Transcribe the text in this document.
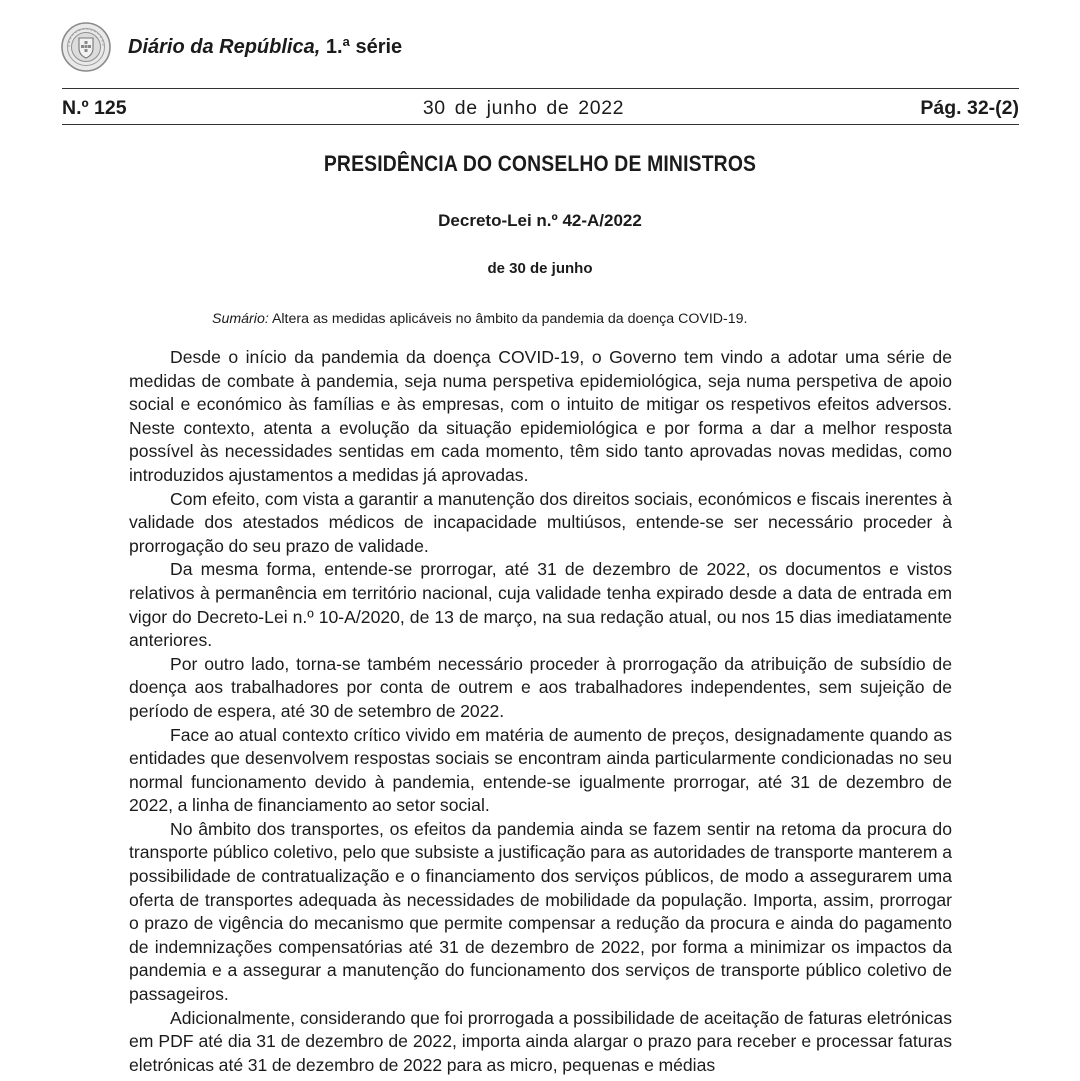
Diário da República, 1.ª série
N.º 125	30 de junho de 2022	Pág. 32-(2)
PRESIDÊNCIA DO CONSELHO DE MINISTROS
Decreto-Lei n.º 42-A/2022
de 30 de junho
Sumário: Altera as medidas aplicáveis no âmbito da pandemia da doença COVID-19.

Desde o início da pandemia da doença COVID-19, o Governo tem vindo a adotar uma série de medidas de combate à pandemia, seja numa perspetiva epidemiológica, seja numa perspetiva de apoio social e económico às famílias e às empresas, com o intuito de mitigar os respetivos efeitos adversos. Neste contexto, atenta a evolução da situação epidemiológica e por forma a dar a melhor resposta possível às necessidades sentidas em cada momento, têm sido tanto aprovadas novas medidas, como introduzidos ajustamentos a medidas já aprovadas.

Com efeito, com vista a garantir a manutenção dos direitos sociais, económicos e fiscais inerentes à validade dos atestados médicos de incapacidade multiúsos, entende-se ser necessário proceder à prorrogação do seu prazo de validade.

Da mesma forma, entende-se prorrogar, até 31 de dezembro de 2022, os documentos e vistos relativos à permanência em território nacional, cuja validade tenha expirado desde a data de entrada em vigor do Decreto-Lei n.º 10-A/2020, de 13 de março, na sua redação atual, ou nos 15 dias imediatamente anteriores.

Por outro lado, torna-se também necessário proceder à prorrogação da atribuição de subsídio de doença aos trabalhadores por conta de outrem e aos trabalhadores independentes, sem sujeição de período de espera, até 30 de setembro de 2022.

Face ao atual contexto crítico vivido em matéria de aumento de preços, designadamente quando as entidades que desenvolvem respostas sociais se encontram ainda particularmente condicionadas no seu normal funcionamento devido à pandemia, entende-se igualmente prorrogar, até 31 de dezembro de 2022, a linha de financiamento ao setor social.

No âmbito dos transportes, os efeitos da pandemia ainda se fazem sentir na retoma da procura do transporte público coletivo, pelo que subsiste a justificação para as autoridades de transporte manterem a possibilidade de contratualização e o financiamento dos serviços públicos, de modo a assegurarem uma oferta de transportes adequada às necessidades de mobilidade da população. Importa, assim, prorrogar o prazo de vigência do mecanismo que permite compensar a redução da procura e ainda do pagamento de indemnizações compensatórias até 31 de dezembro de 2022, por forma a minimizar os impactos da pandemia e a assegurar a manutenção do funcionamento dos serviços de transporte público coletivo de passageiros.

Adicionalmente, considerando que foi prorrogada a possibilidade de aceitação de faturas eletrónicas em PDF até dia 31 de dezembro de 2022, importa ainda alargar o prazo para receber e processar faturas eletrónicas até 31 de dezembro de 2022 para as micro, pequenas e médias
